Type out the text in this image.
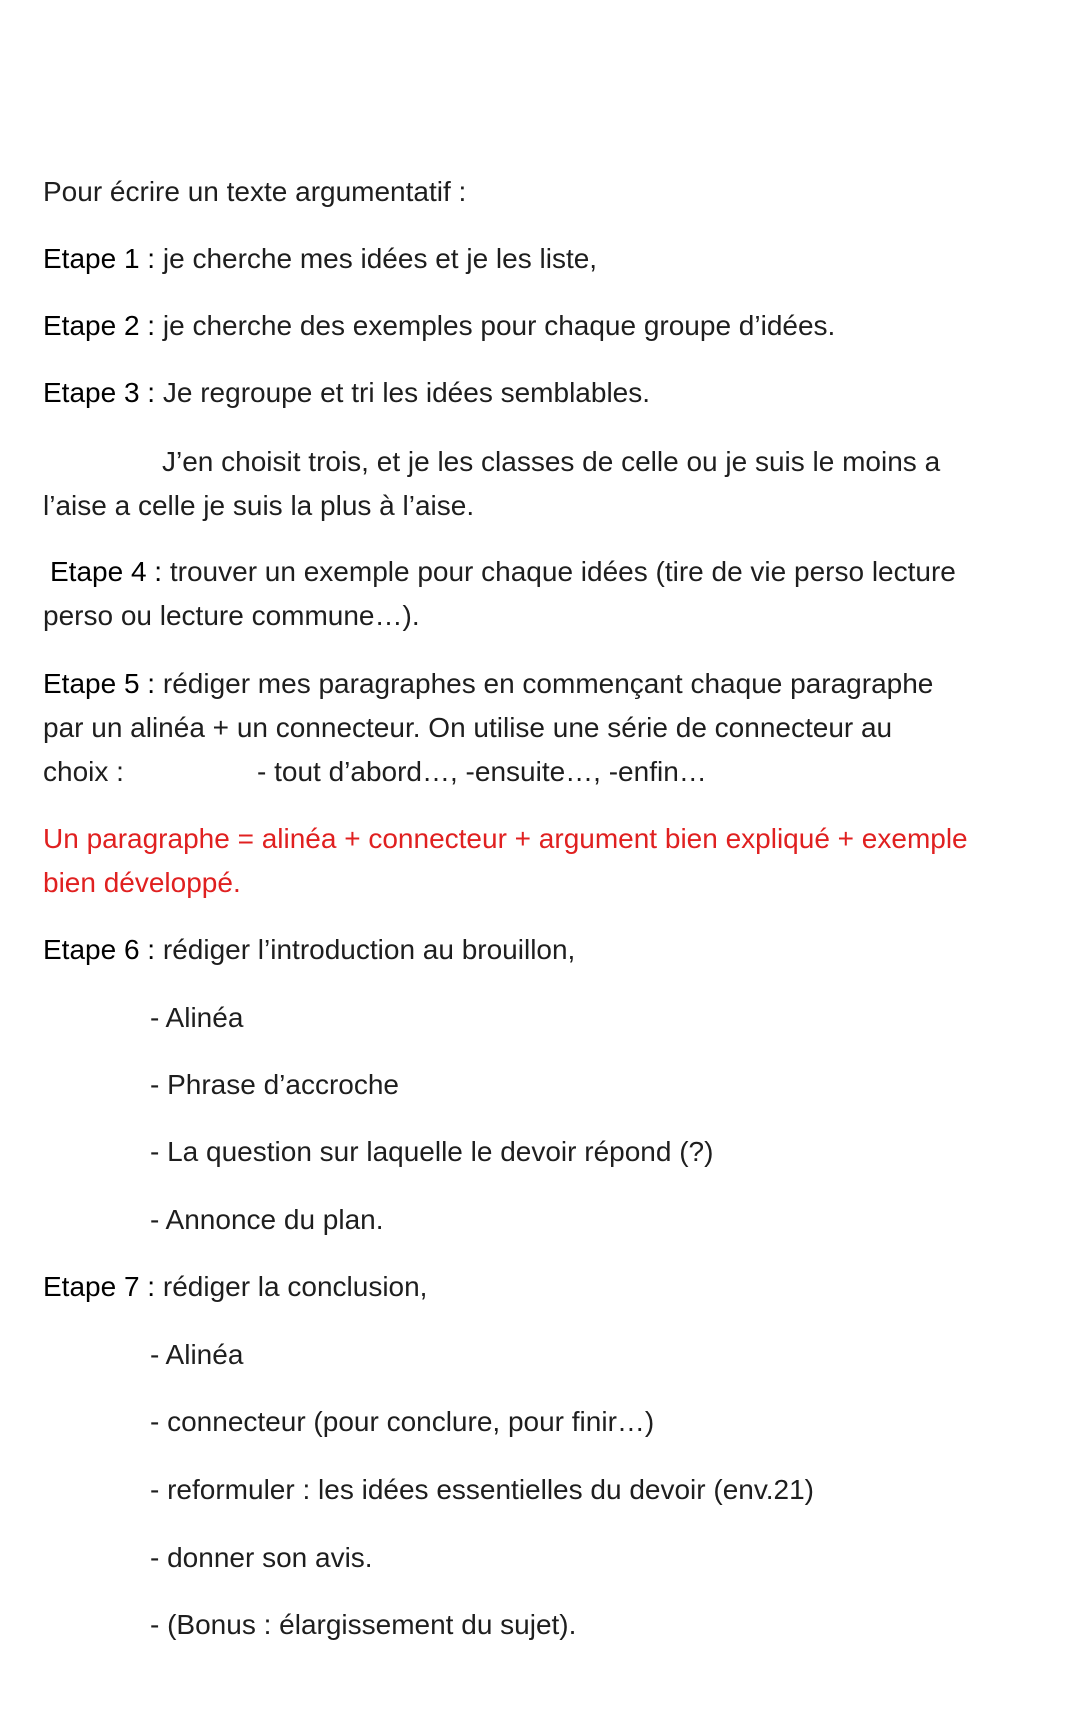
Pour écrire un texte argumentatif :
Etape 1 : je cherche mes idées et je les liste,
Etape 2 : je cherche des exemples pour chaque groupe d’idées.
Etape 3 : Je regroupe et tri les idées semblables.
J’en choisit trois, et je les classes de celle ou je suis le moins a
l’aise a celle je suis la plus à l’aise.
Etape 4 : trouver un exemple pour chaque idées (tire de vie perso lecture
perso ou lecture commune…).
Etape 5 : rédiger mes paragraphes en commençant chaque paragraphe
par un alinéa + un connecteur. On utilise une série de connecteur au
choix :	- tout d’abord…, -ensuite…, -enfin…
Un paragraphe = alinéa + connecteur + argument bien expliqué + exemple
bien développé.
Etape 6 : rédiger l’introduction au brouillon,
- Alinéa
- Phrase d’accroche
- La question sur laquelle le devoir répond (?)
- Annonce du plan.
Etape 7 : rédiger la conclusion,
- Alinéa
- connecteur (pour conclure, pour finir…)
- reformuler : les idées essentielles du devoir (env.21)
- donner son avis.
- (Bonus : élargissement du sujet).
